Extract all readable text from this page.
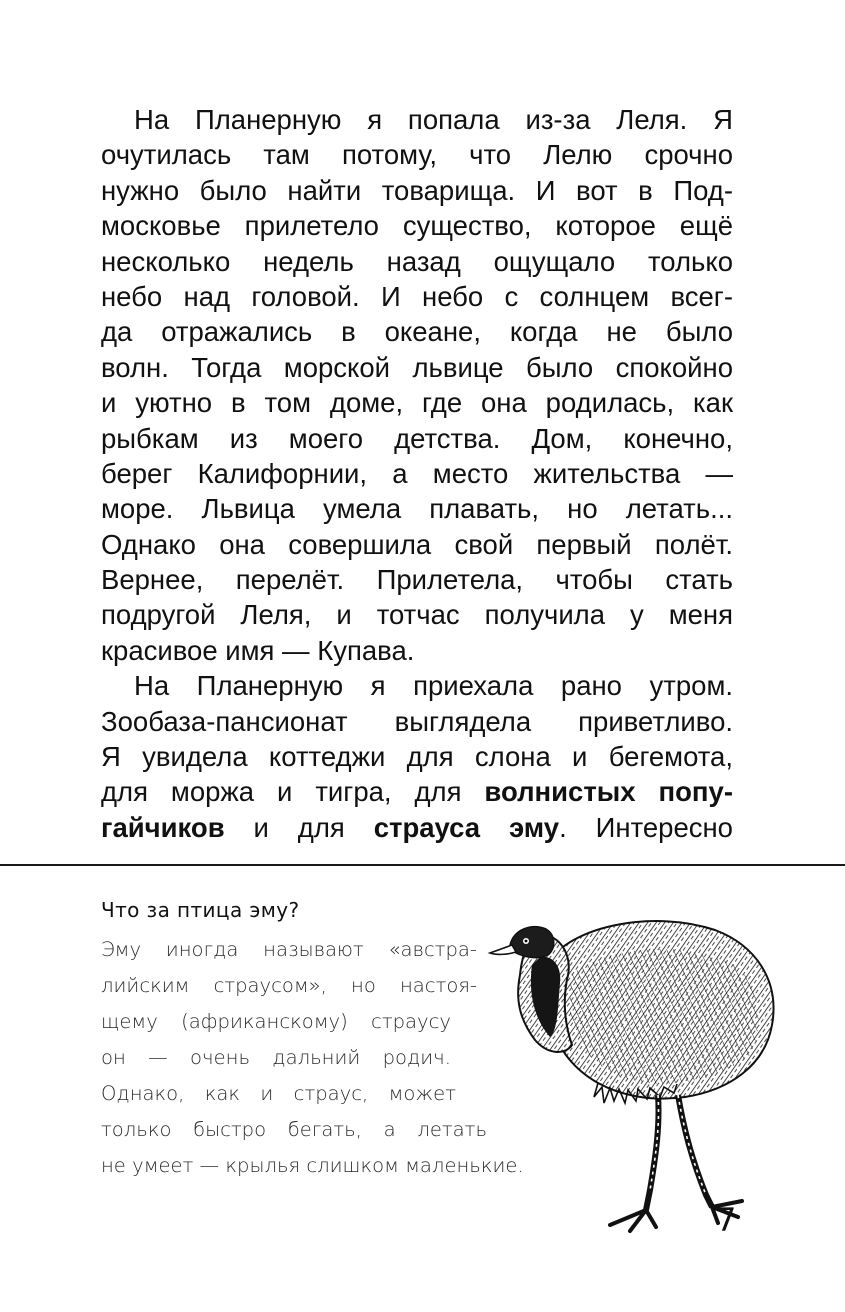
На Планерную я попала из-за Леля. Я
очутилась там потому, что Лелю срочно
нужно было найти товарища. И вот в Под-
московье прилетело существо, которое ещё
несколько недель назад ощущало только
небо над головой. И небо с солнцем всег-
да отражались в океане, когда не было
волн. Тогда морской львице было спокойно
и уютно в том доме, где она родилась, как
рыбкам из моего детства. Дом, конечно,
берег Калифорнии, а место жительства —
море. Львица умела плавать, но летать...
Однако она совершила свой первый полёт.
Вернее, перелёт. Прилетела, чтобы стать
подругой Леля, и тотчас получила у меня
красивое имя — Купава.
На Планерную я приехала рано утром.
Зообаза-пансионат выглядела приветливо.
Я увидела коттеджи для слона и бегемота,
для моржа и тигра, для волнистых попу-
гайчиков и для страуса эму. Интересно
Что за птица эму?
Эму иногда называют «австра-
лийским страусом», но настоя-
щему (африканскому) страусу
он — очень дальний родич.
Однако, как и страус, может
только быстро бегать, а летать
не умеет — крылья слишком маленькие.
7
